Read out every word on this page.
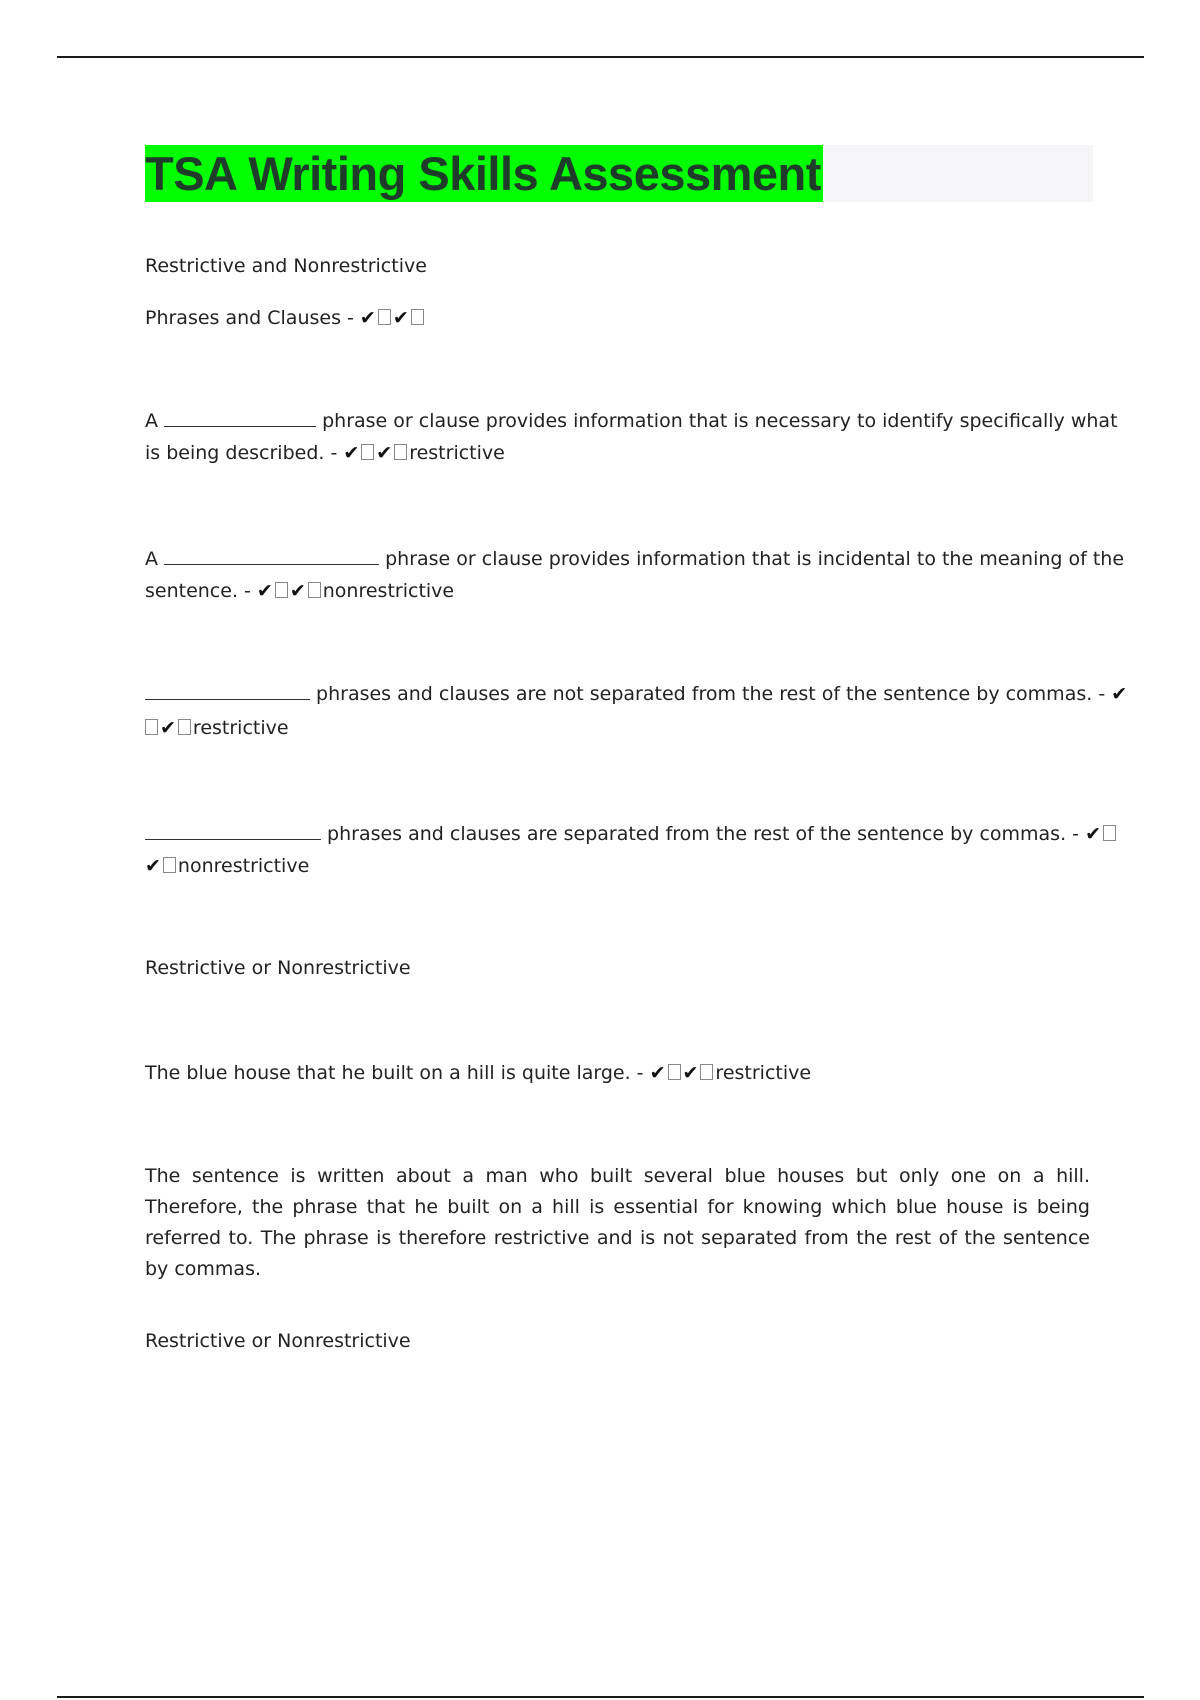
TSA Writing Skills Assessment
Restrictive and Nonrestrictive
Phrases and Clauses - ✔ ✔
A	phrase or clause provides information that is necessary to identify specifically what
is being described. - ✔ ✔ restrictive
A	phrase or clause provides information that is incidental to the meaning of the
sentence. - ✔ ✔ nonrestrictive
phrases and clauses are not separated from the rest of the sentence by commas. - ✔
✔ restrictive
phrases and clauses are separated from the rest of the sentence by commas. - ✔
✔ nonrestrictive
Restrictive or Nonrestrictive
The blue house that he built on a hill is quite large. - ✔ ✔ restrictive
The sentence is written about a man who built several blue houses but only one on a hill. Therefore, the phrase that he built on a hill is essential for knowing which blue house is being referred to. The phrase is therefore restrictive and is not separated from the rest of the sentence by commas.
Restrictive or Nonrestrictive
